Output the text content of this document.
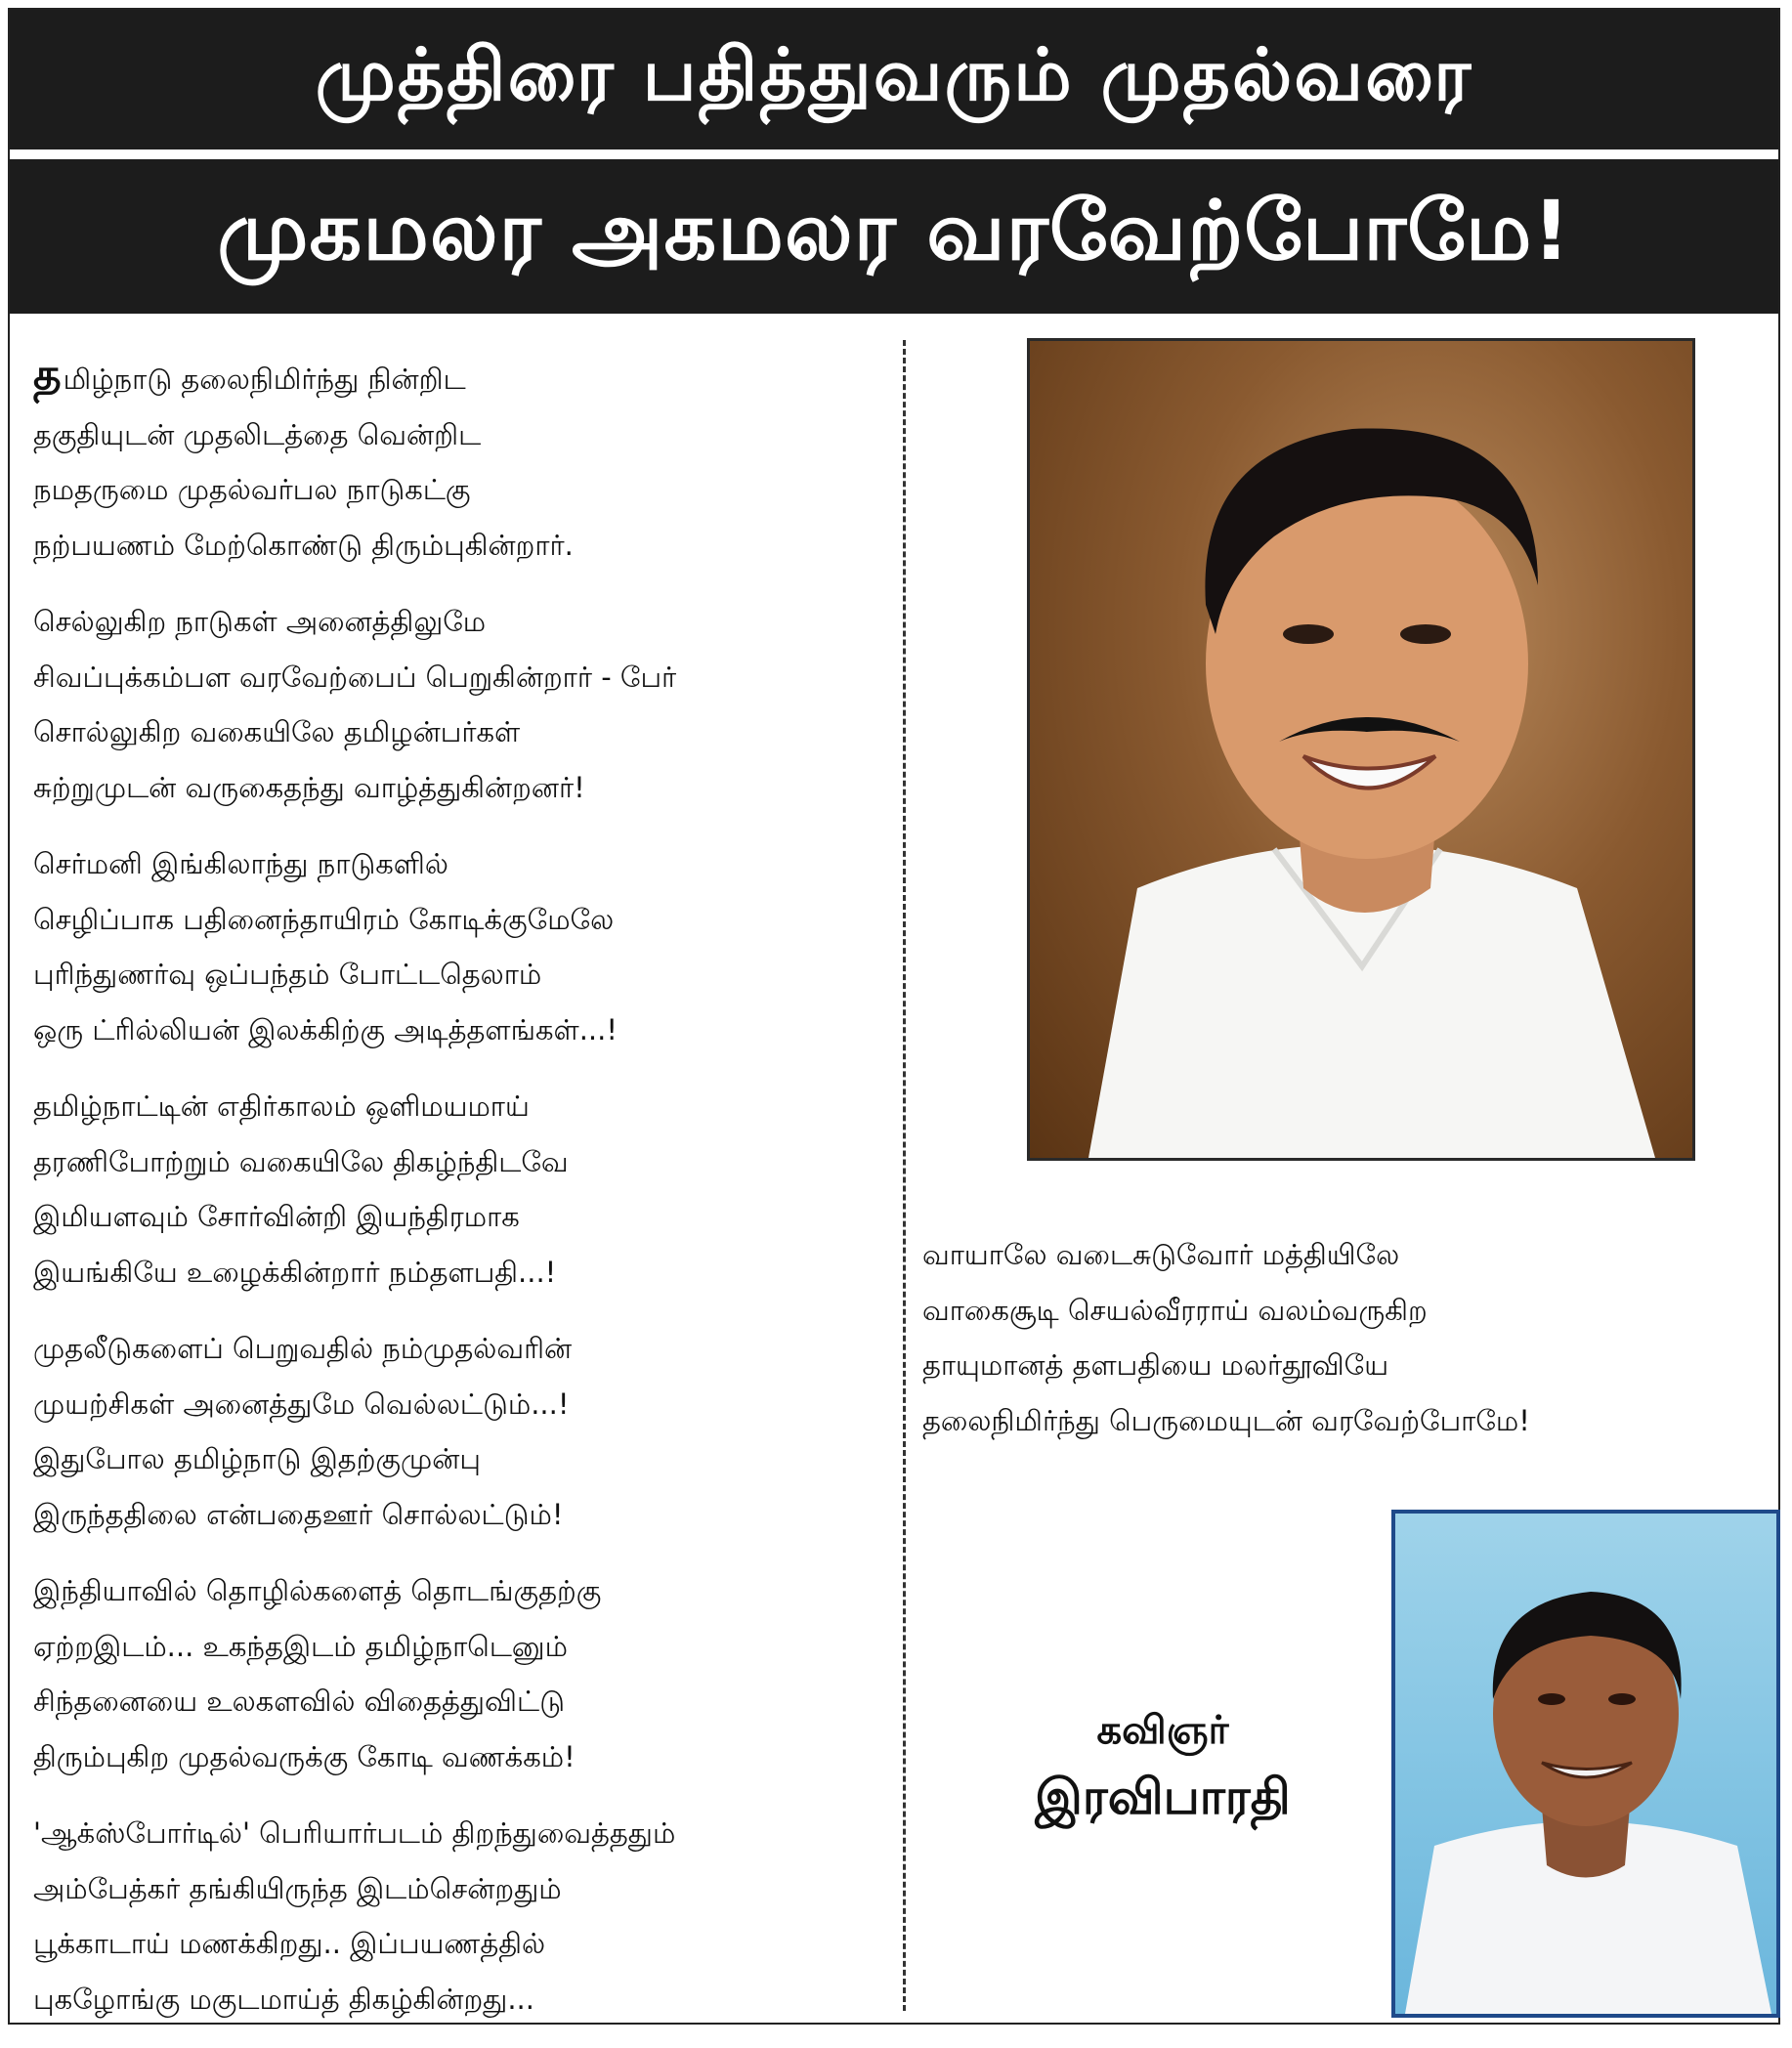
முத்திரை பதித்துவரும் முதல்வரை
முகமலர அகமலர வரவேற்போமே!
தமிழ்நாடு தலைநிமிர்ந்து நின்றிட
தகுதியுடன் முதலிடத்தை வென்றிட
நமதருமை முதல்வர்பல நாடுகட்கு
நற்பயணம் மேற்கொண்டு திரும்புகின்றார்.
செல்லுகிற நாடுகள் அனைத்திலுமே
சிவப்புக்கம்பள வரவேற்பைப் பெறுகின்றார் - பேர்
சொல்லுகிற வகையிலே தமிழன்பர்கள்
சுற்றுமுடன் வருகைதந்து வாழ்த்துகின்றனர்!
செர்மனி இங்கிலாந்து நாடுகளில்
செழிப்பாக பதினைந்தாயிரம் கோடிக்குமேலே
புரிந்துணர்வு ஒப்பந்தம் போட்டதெலாம்
ஒரு ட்ரில்லியன் இலக்கிற்கு அடித்தளங்கள்...!
தமிழ்நாட்டின் எதிர்காலம் ஒளிமயமாய்
தரணிபோற்றும் வகையிலே திகழ்ந்திடவே
இமியளவும் சோர்வின்றி இயந்திரமாக
இயங்கியே உழைக்கின்றார் நம்தளபதி...!
முதலீடுகளைப் பெறுவதில் நம்முதல்வரின்
முயற்சிகள் அனைத்துமே வெல்லட்டும்...!
இதுபோல தமிழ்நாடு இதற்குமுன்பு
இருந்ததிலை என்பதைஊர் சொல்லட்டும்!
இந்தியாவில் தொழில்களைத் தொடங்குதற்கு
ஏற்றஇடம்... உகந்தஇடம் தமிழ்நாடெனும்
சிந்தனையை உலகளவில் விதைத்துவிட்டு
திரும்புகிற முதல்வருக்கு கோடி வணக்கம்!
'ஆக்ஸ்போர்டில்' பெரியார்படம் திறந்துவைத்ததும்
அம்பேத்கர் தங்கியிருந்த இடம்சென்றதும்
பூக்காடாய் மணக்கிறது.. இப்பயணத்தில்
புகழோங்கு மகுடமாய்த் திகழ்கின்றது...
வாயாலே வடைசுடுவோர் மத்தியிலே
வாகைசூடி செயல்வீரராய் வலம்வருகிற
தாயுமானத் தளபதியை மலர்தூவியே
தலைநிமிர்ந்து பெருமையுடன் வரவேற்போமே!
கவிஞர்
இரவிபாரதி
